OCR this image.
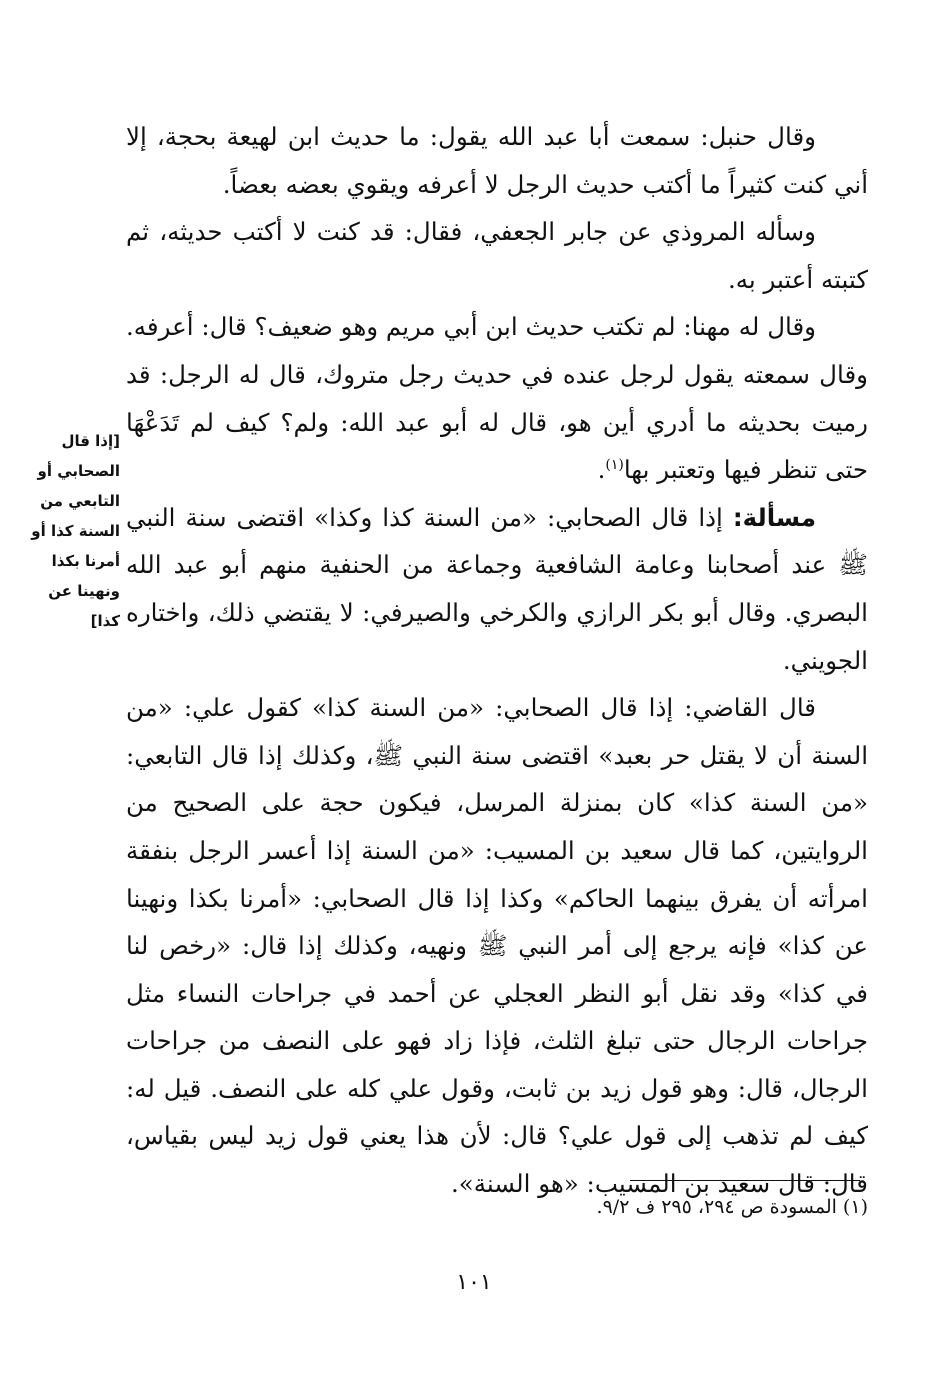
وقال حنبل: سمعت أبا عبد الله يقول: ما حديث ابن لهيعة بحجة، إلا أني كنت كثيراً ما أكتب حديث الرجل لا أعرفه ويقوي بعضه بعضاً.

وسأله المروذي عن جابر الجعفي، فقال: قد كنت لا أكتب حديثه، ثم كتبته أعتبر به.

وقال له مهنا: لم تكتب حديث ابن أبي مريم وهو ضعيف؟ قال: أعرفه. وقال سمعته يقول لرجل عنده في حديث رجل متروك، قال له الرجل: قد رميت بحديثه ما أدري أين هو، قال له أبو عبد الله: ولم؟ كيف لم تَدَعْهَا حتى تنظر فيها وتعتبر بها$^{(١)}$.

مسألة: إذا قال الصحابي: «من السنة كذا وكذا» اقتضى سنة النبي ﷺ عند أصحابنا وعامة الشافعية وجماعة من الحنفية منهم أبو عبد الله البصري. وقال أبو بكر الرازي والكرخي والصيرفي: لا يقتضي ذلك، واختاره الجويني.

قال القاضي: إذا قال الصحابي: «من السنة كذا» كقول علي: «من السنة أن لا يقتل حر بعبد» اقتضى سنة النبي ﷺ، وكذلك إذا قال التابعي: «من السنة كذا» كان بمنزلة المرسل، فيكون حجة على الصحيح من الروايتين، كما قال سعيد بن المسيب: «من السنة إذا أعسر الرجل بنفقة امرأته أن يفرق بينهما الحاكم» وكذا إذا قال الصحابي: «أمرنا بكذا ونهينا عن كذا» فإنه يرجع إلى أمر النبي ﷺ ونهيه، وكذلك إذا قال: «رخص لنا في كذا» وقد نقل أبو النظر العجلي عن أحمد في جراحات النساء مثل جراحات الرجال حتى تبلغ الثلث، فإذا زاد فهو على النصف من جراحات الرجال، قال: وهو قول زيد بن ثابت، وقول علي كله على النصف. قيل له: كيف لم تذهب إلى قول علي؟ قال: لأن هذا يعني قول زيد ليس بقياس، قال: قال سعيد بن المسيب: «هو السنة».

[إذا قال الصحابي أو التابعي من السنة كذا أو أمرنا بكذا ونهينا عن كذا]
(١) المسودة ص ٢٩٤، ٢٩٥ ف ٩/٢.
١٠١
